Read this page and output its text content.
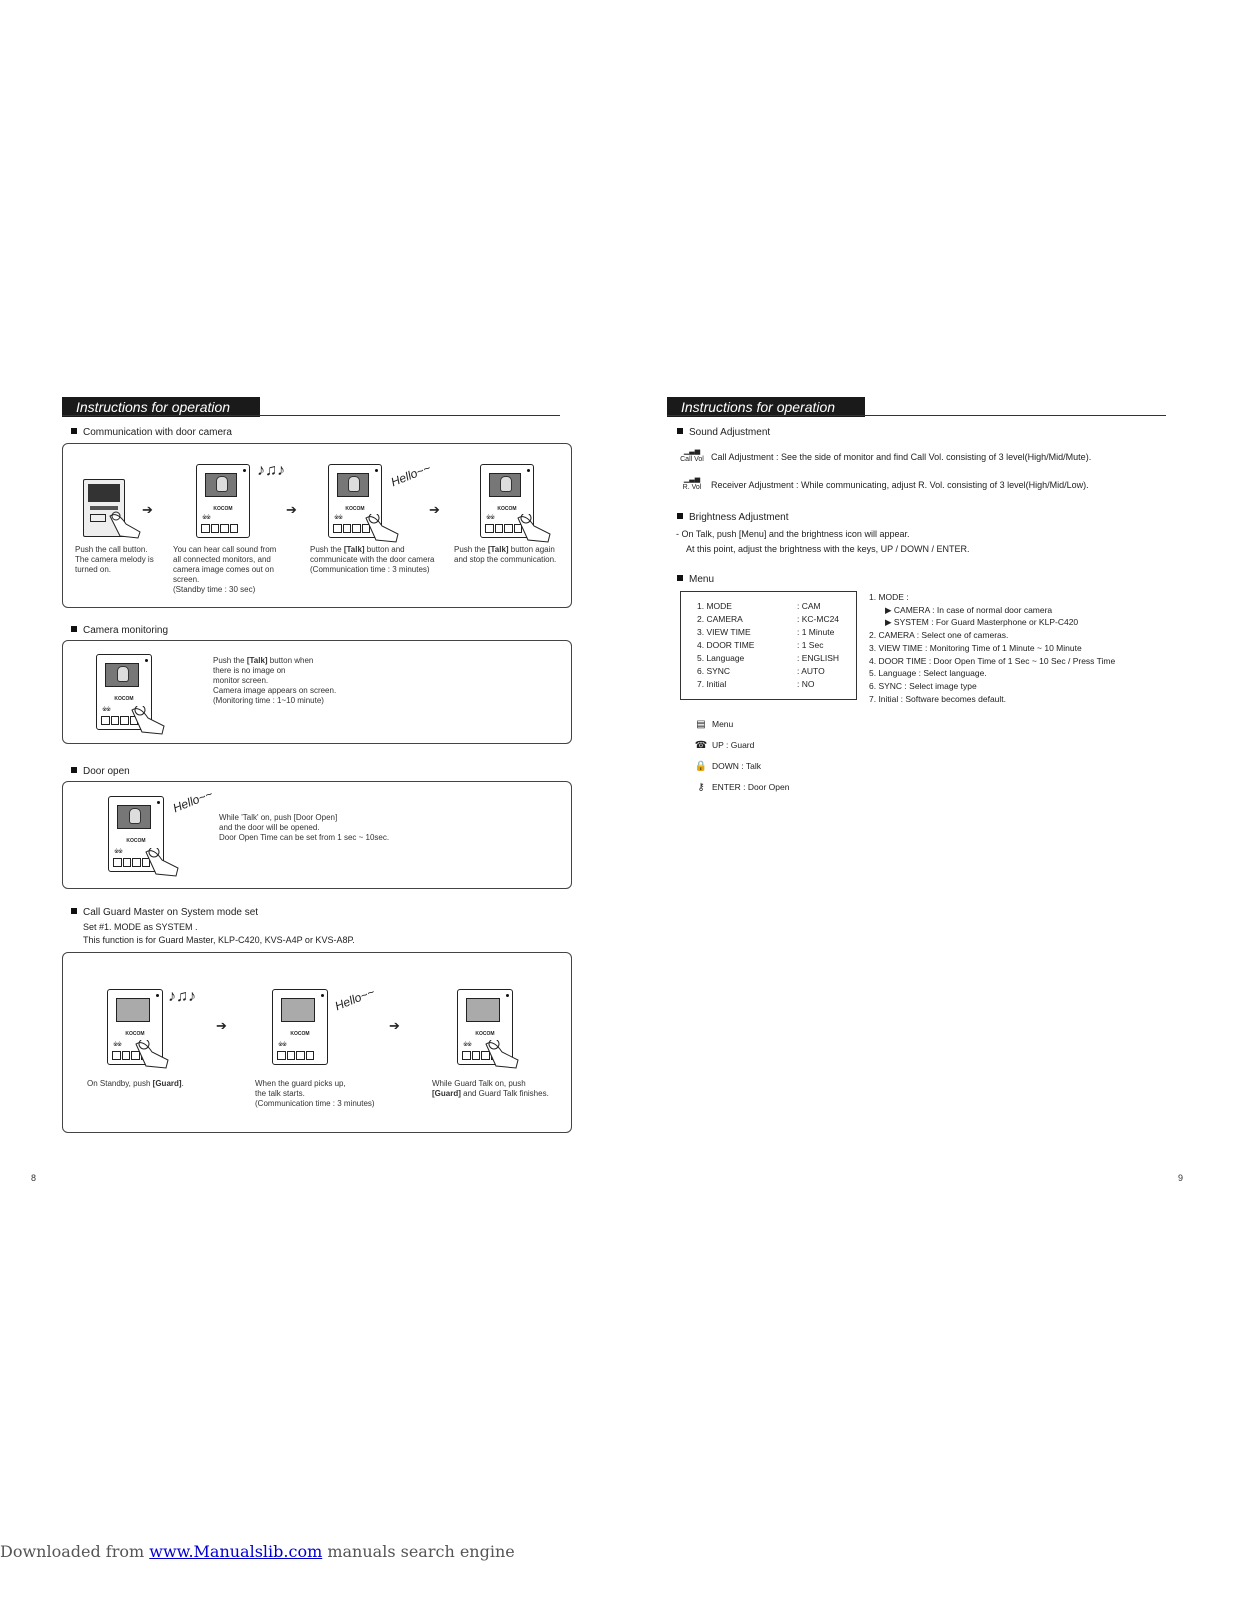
Instructions for operation
Communication with door camera
➔	KOCOM
※※
♪♫♪
➔	KOCOM
※※
Hello~~
➔	KOCOM
※※
Push the call button.
The camera melody is
turned on.
You can hear call sound from
all connected monitors, and
camera image comes out on
screen.
(Standby time : 30 sec)
Push the [Talk] button and
communicate with the door camera
(Communication time : 3 minutes)
Push the [Talk] button again
and stop the communication.
Camera monitoring
KOCOM
※※
Push the [Talk] button when
there is no image on
monitor screen.
Camera image appears on screen.
(Monitoring time : 1~10 minute)
Door open
KOCOM
※※
Hello~~
While 'Talk' on, push [Door Open]
and the door will be opened.
Door Open Time can be set from 1 sec ~ 10sec.
Call Guard Master on System mode set
Set #1. MODE as SYSTEM .
This function is for Guard Master, KLP-C420, KVS-A4P or KVS-A8P.
KOCOM
※※
♪♫♪
➔
KOCOM
※※
Hello~~
➔
KOCOM
※※
On Standby, push [Guard].	When the guard picks up,
the talk starts.
(Communication time : 3 minutes)
While Guard Talk on, push
[Guard] and Guard Talk finishes.
8
Instructions for operation
Sound Adjustment
▁▃▅
Call Vol Call Adjustment : See the side of monitor and find Call Vol. consisting of 3 level(High/Mid/Mute).
▁▃▅
R. Vol	Receiver Adjustment : While communicating, adjust R. Vol. consisting of 3 level(High/Mid/Low).
Brightness Adjustment
- On Talk, push [Menu] and the brightness icon will appear.
At this point, adjust the brightness with the keys, UP / DOWN / ENTER.
Menu
1. MODE	: CAM
2. CAMERA	: KC-MC24
3. VIEW TIME	: 1 Minute
4. DOOR TIME	: 1 Sec
5. Language	: ENGLISH
6. SYNC	: AUTO
7. Initial	: NO
1. MODE :
▶ CAMERA : In case of normal door camera
▶ SYSTEM : For Guard Masterphone or KLP-C420
2. CAMERA : Select one of cameras.
3. VIEW TIME : Monitoring Time of 1 Minute ~ 10 Minute
4. DOOR TIME : Door Open Time of 1 Sec ~ 10 Sec / Press Time
5. Language : Select language.
6. SYNC : Select image type
7. Initial : Software becomes default.
▤ Menu
☎ UP : Guard
🔒 DOWN : Talk
⚷ ENTER : Door Open
9
Downloaded from www.Manualslib.com manuals search engine
